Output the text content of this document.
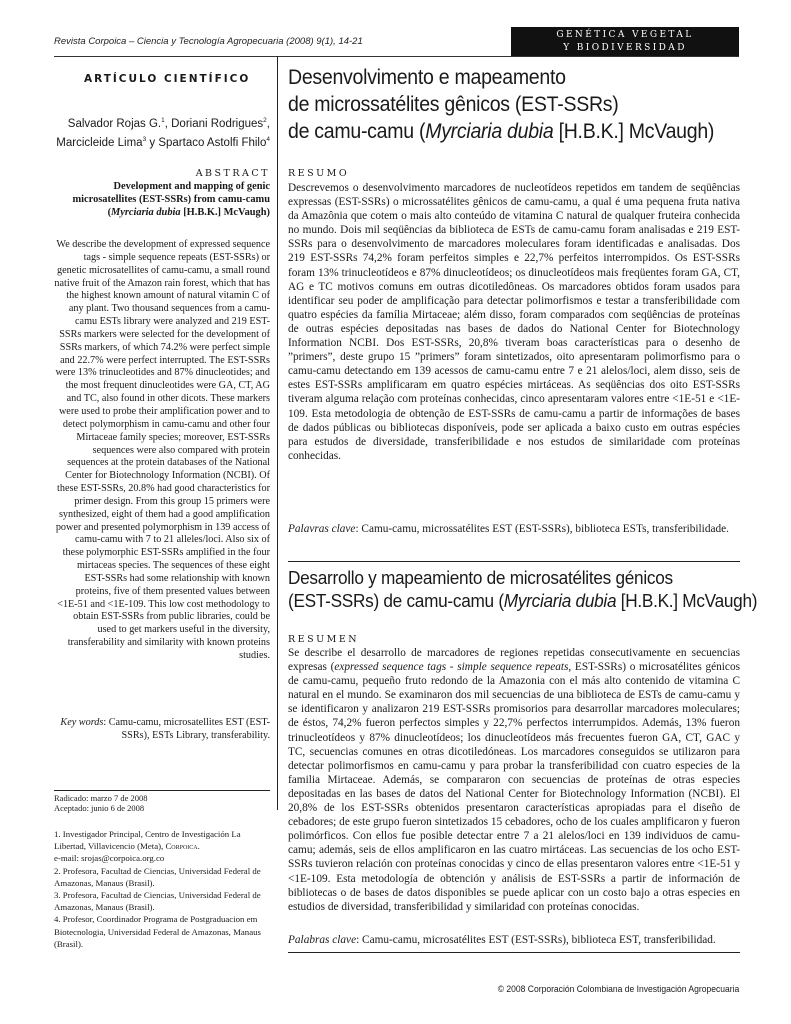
Revista Corpoica – Ciencia y Tecnología Agropecuaria (2008) 9(1), 14-21
GENÉTICA VEGETAL
Y BIODIVERSIDAD
ARTÍCULO CIENTÍFICO
Salvador Rojas G.$^1$, Doriani Rodrigues$^2$,
Marcicleide Lima$^3$ y Spartaco Astolfi Fhilo$^4$
ABSTRACT
Development and mapping of genic microsatellites (EST-SSRs) from camu-camu (Myrciaria dubia [H.B.K.] McVaugh)
We describe the development of expressed sequence tags - simple sequence repeats (EST-SSRs) or genetic microsatellites of camu-camu, a small round native fruit of the Amazon rain forest, which that has the highest known amount of natural vitamin C of any plant. Two thousand sequences from a camu-camu ESTs library were analyzed and 219 EST-SSRs markers were selected for the development of SSRs markers, of which 74.2% were perfect simple and 22.7% were perfect interrupted. The EST-SSRs were 13% trinucleotides and 87% dinucleotides; and the most frequent dinucleotides were GA, CT, AG and TC, also found in other dicots. These markers were used to probe their amplification power and to detect polymorphism in camu-camu and other four Mirtaceae family species; moreover, EST-SSRs sequences were also compared with protein sequences at the protein databases of the National Center for Biotechnology Information (NCBI). Of these EST-SSRs, 20.8% had good characteristics for primer design. From this group 15 primers were synthesized, eight of them had a good amplification power and presented polymorphism in 139 access of camu-camu with 7 to 21 alleles/loci. Also six of these polymorphic EST-SSRs amplified in the four mirtaceas species. The sequences of these eight EST-SSRs had some relationship with known proteins, five of them presented values between <1E-51 and <1E-109. This low cost methodology to obtain EST-SSRs from public libraries, could be used to get markers useful in the diversity, transferability and similarity with known proteins studies.
Key words: Camu-camu, microsatellites EST (EST-SSRs), ESTs Library, transferability.
Radicado: marzo 7 de 2008
Aceptado: junio 6 de 2008
1. Investigador Principal, Centro de Investigación La Libertad, Villavicencio (Meta), Corpoica.
e-mail: srojas@corpoica.org.co
2. Profesora, Facultad de Ciencias, Universidad Federal de Amazonas, Manaus (Brasil).
3. Profesora, Facultad de Ciencias, Universidad Federal de Amazonas, Manaus (Brasil).
4. Profesor, Coordinador Programa de Postgraduacion em Biotecnologia, Universidad Federal de Amazonas, Manaus (Brasil).
Desenvolvimento e mapeamento
de microssatélites gênicos (EST-SSRs)
de camu-camu (Myrciaria dubia [H.B.K.] McVaugh)
RESUMO
Descrevemos o desenvolvimento marcadores de nucleotídeos repetidos em tandem de seqüências expressas (EST-SSRs) o microssatélites gênicos de camu-camu, a qual é uma pequena fruta nativa da Amazônia que cotem o mais alto conteúdo de vitamina C natural de qualquer fruteira conhecida no mundo. Dois mil seqüências da biblioteca de ESTs de camu-camu foram analisadas e 219 EST-SSRs para o desenvolvimento de marcadores moleculares foram identificadas e analisadas. Dos 219 EST-SSRs 74,2% foram perfeitos simples e 22,7% perfeitos interrompidos. Os EST-SSRs foram 13% trinucleotídeos e 87% dinucleotídeos; os dinucleotídeos mais freqüentes foram GA, CT, AG e TC motivos comuns em outras dicotiledôneas. Os marcadores obtidos foram usados para identificar seu poder de amplificação para detectar polimorfismos e testar a transferibilidade com quatro espécies da família Mirtaceae; além disso, foram comparados com seqüências de proteínas de outras espécies depositadas nas bases de dados do National Center for Biotechnology Information NCBI. Dos EST-SSRs, 20,8% tiveram boas características para o desenho de ”primers”, deste grupo 15 ”primers” foram sintetizados, oito apresentaram polimorfismo para o camu-camu detectando em 139 acessos de camu-camu entre 7 e 21 alelos/loci, alem disso, seis de estes EST-SSRs amplificaram em quatro espécies mirtáceas. As seqüências dos oito EST-SSRs tiveram alguma relação com proteínas conhecidas, cinco apresentaram valores entre <1E-51 e <1E-109. Esta metodologia de obtenção de EST-SSRs de camu-camu a partir de informações de bases de dados públicas ou bibliotecas disponíveis, pode ser aplicada a baixo custo em outras espécies para estudos de diversidade, transferibilidade e nos estudos de similaridade com proteínas conhecidas.
Palavras clave: Camu-camu, microssatélites EST (EST-SSRs), biblioteca ESTs, transferibilidade.
Desarrollo y mapeamiento de microsatélites génicos
(EST-SSRs) de camu-camu (Myrciaria dubia [H.B.K.] McVaugh)
RESUMEN
Se describe el desarrollo de marcadores de regiones repetidas consecutivamente en secuencias expresas (expressed sequence tags - simple sequence repeats, EST-SSRs) o microsatélites génicos de camu-camu, pequeño fruto redondo de la Amazonia con el más alto contenido de vitamina C natural en el mundo. Se examinaron dos mil secuencias de una biblioteca de ESTs de camu-camu y se identificaron y analizaron 219 EST-SSRs promisorios para desarrollar marcadores moleculares; de éstos, 74,2% fueron perfectos simples y 22,7% perfectos interrumpidos. Además, 13% fueron trinucleotídeos y 87% dinucleotídeos; los dinucleotídeos más frecuentes fueron GA, CT, GAC y TC, secuencias comunes en otras dicotiledóneas. Los marcadores conseguidos se utilizaron para detectar polimorfismos en camu-camu y para probar la transferibilidad con cuatro especies de la familia Mirtaceae. Además, se compararon con secuencias de proteínas de otras especies depositadas en las bases de datos del National Center for Biotechnology Information (NCBI). El 20,8% de los EST-SSRs obtenidos presentaron características apropiadas para el diseño de cebadores; de este grupo fueron sintetizados 15 cebadores, ocho de los cuales amplificaron y fueron polimórficos. Con ellos fue posible detectar entre 7 a 21 alelos/loci en 139 individuos de camu-camu; además, seis de ellos amplificaron en las cuatro mirtáceas. Las secuencias de los ocho EST-SSRs tuvieron relación con proteínas conocidas y cinco de ellas presentaron valores entre <1E-51 y <1E-109. Esta metodología de obtención y análisis de EST-SSRs a partir de información de bibliotecas o de bases de datos disponibles se puede aplicar con un costo bajo a otras especies en estudios de diversidad, transferibilidad y similaridad con proteínas conocidas.
Palabras clave: Camu-camu, microsatélites EST (EST-SSRs), biblioteca EST, transferibilidad.
© 2008 Corporación Colombiana de Investigación Agropecuaria
